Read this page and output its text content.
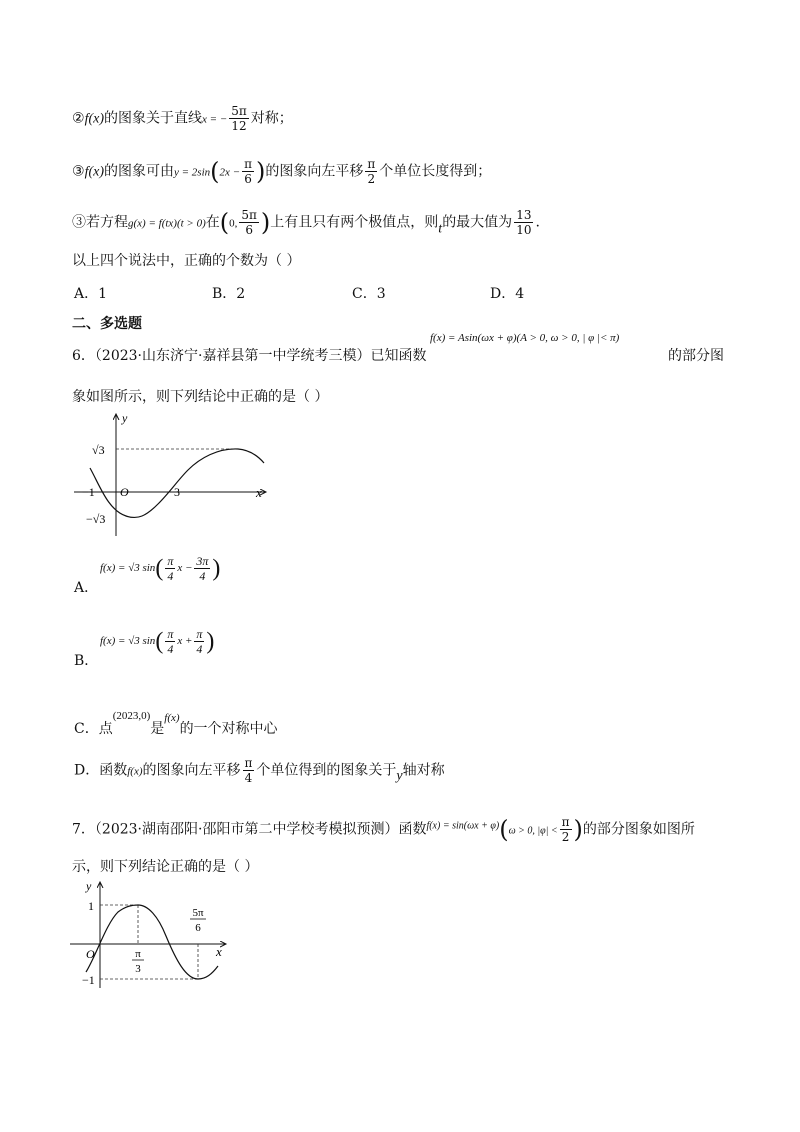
②f(x)的图象关于直线x = − $\frac{5\pi}{12}$ 对称；
③f(x)的图象可由$y = 2\sin(2x - \frac{\pi}{6}$ )的图象向左平移 $\frac{\pi}{2}$ 个单位长度得到；
③若方程g(x) = f(tx)(t > 0)在(0, $\frac{5\pi}{6}$ )上有且只有两个极值点，则t的最大值为 $\frac{13}{10}$ .
以上四个说法中，正确的个数为（ ）
A．1	B．2	C．3	D．4
二、多选题
6．（2023·山东济宁·嘉祥县第一中学统考三模）已知函数
f(x) = Asin(ωx + φ)(A > 0, ω > 0, | φ |< π)
的部分图
象如图所示，则下列结论中正确的是（ ）
y
x
O
√3
−√3
−1	3
f(x) = √3 $\sin( \frac{\pi}{4}$ $x - \frac{3\pi}{4}$ )
A．
f(x) = √3 $\sin( \frac{\pi}{4}$ $x + \frac{\pi}{4}$ )
B．
C．点$^{(2023,0)}$是$^{f(x)}$的一个对称中心
D．函数f(x)的图象向左平移 $\frac{\pi}{4}$ 个单位得到的图象关于y轴对称
7．（2023·湖南邵阳·邵阳市第二中学校考模拟预测）函数$^{f(x) = sin(\omega x + \varphi)}$(ω > 0, $|\varphi| < \frac{\pi}{2}$ )的部分图象如图所
示，则下列结论正确的是（ ）
y
x
O
1
−1
π
3
5π
6
